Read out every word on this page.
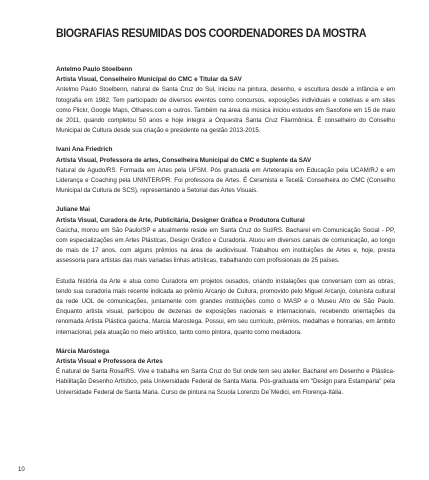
BIOGRAFIAS RESUMIDAS DOS COORDENADORES DA MOSTRA
Antelmo Paulo Stoelbenn
Artista Visual, Conselheiro Municipal do CMC e Titular da SAV

Antelmo Paulo Stoelbenn, natural de Santa Cruz do Sul, iniciou na pintura, desenho, e escultura desde a infância e em fotografia em 1982. Tem participado de diversos eventos como concursos, exposições individuais e coletivas e em sites como Flickr, Google Maps, Olhares.com e outros. Também na área da música iniciou estudos em Saxofone em 15 de maio de 2011, quando completou 50 anos e hoje integra a Orquestra Santa Cruz Filarmônica. É conselheiro do Conselho Municipal de Cultura desde sua criação e presidente na gestão 2013-2015.

Ivani Ana Friedrich
Artista Visual, Professora de artes, Conselheira Municipal do CMC e Suplente da SAV

Natural de Agudo/RS. Formada em Artes pela UFSM. Pós graduada em Arteterapia em Educação pela UCAM/RJ e em Liderança e Coaching pela UNINTER/PR. Foi professora de Artes. É Ceramista e Tecelã. Conselheira do CMC (Conselho Municipal da Cultura de SCS), representando a Setorial das Artes Visuais.

Juliane Mai
Artista Visual, Curadora de Arte, Publicitária, Designer Gráfica e Produtora Cultural

Gaúcha, morou em São Paulo/SP e atualmente reside em Santa Cruz do Sul/RS. Bacharel em Comunicação Social - PP, com especializações em Artes Plásticas, Design Gráfico e Curadoria. Atuou em diversos canais de comunicação, ao longo de mais de 17 anos, com alguns prêmios na área de audiovisual. Trabalhou em instituições de Artes e, hoje, presta assessoria para artistas das mais variadas linhas artísticas, trabalhando com profissionais de 25 países.

Estuda história da Arte e atua como Curadora em projetos ousados, criando instalações que conversam com as obras, tendo sua curadoria mais recente indicada ao prêmio Arcanjo de Cultura, promovido pelo Miguel Arcanjo, colunista cultural da rede UOL de comunicações, juntamente com grandes instituições como o MASP e o Museu Afro de São Paulo. Enquanto artista visual, participou de dezenas de exposições nacionais e internacionais, recebendo orientações da renomada Artista Plástica gaúcha, Marcia Marostega. Possui, em seu currículo, prêmios, medalhas e honrarias, em âmbito internacional, pela atuação no meio artístico, tanto como pintora, quanto como mediadora.

Márcia Maróstega
Artista Visual e Professora de Artes

É natural de Santa Rosa/RS. Vive e trabalha em Santa Cruz do Sul onde tem seu atelier. Bacharel em Desenho e Plástica-Habilitação Desenho Artístico, pela Universidade Federal de Santa Maria. Pós-graduada em "Design para Estamparia" pela Universidade Federal de Santa Maria. Curso de pintura na Scuola Lorenzo De´Medici, em Florença-Itália.

10
